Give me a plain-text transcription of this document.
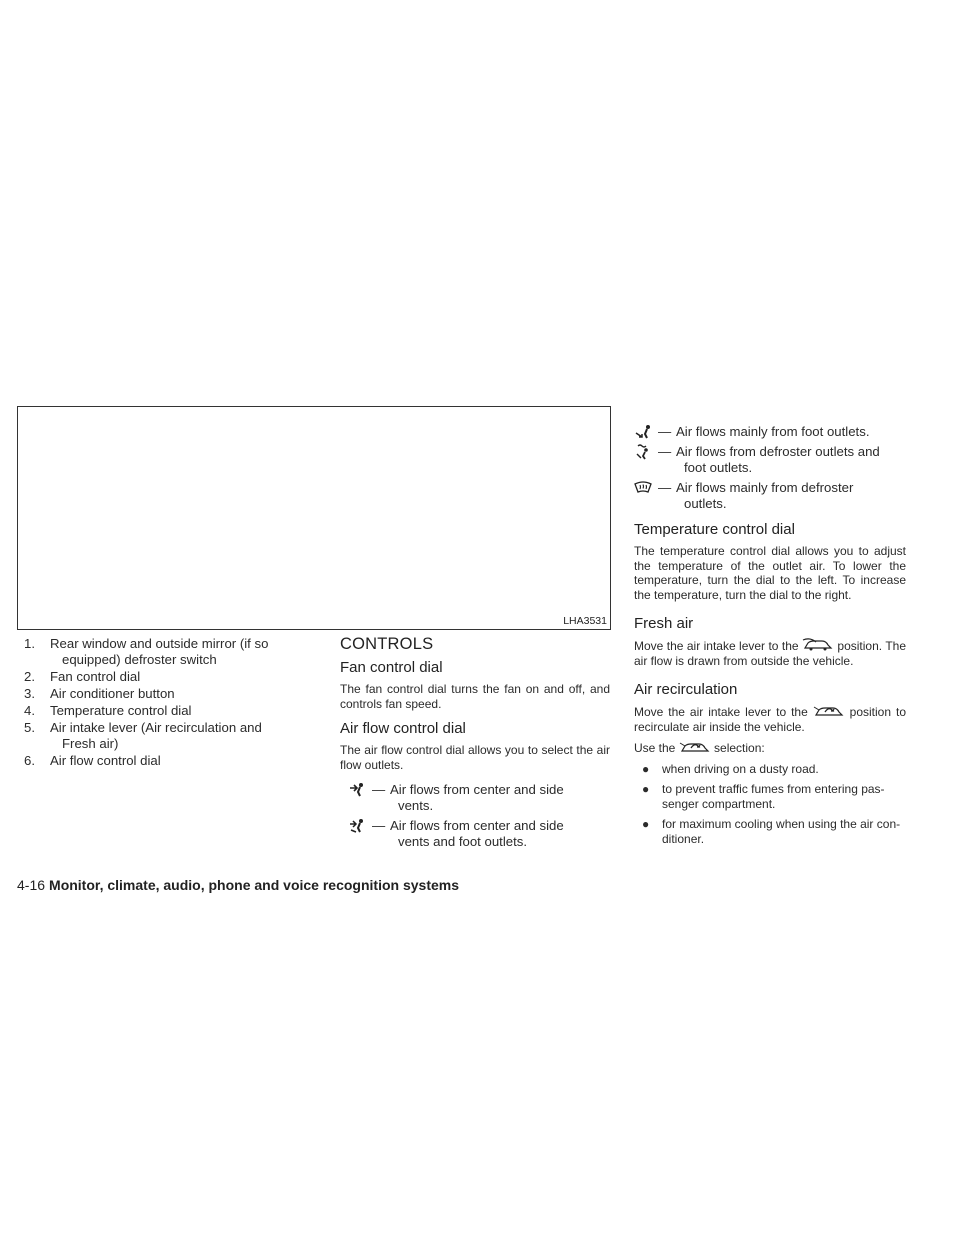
LHA3531
1. Rear window and outside mirror (if so
equipped) defroster switch
2. Fan control dial
3. Air conditioner button
4. Temperature control dial
5. Air intake lever (Air recirculation and
Fresh air)
6. Air flow control dial
CONTROLS
Fan control dial

The fan control dial turns the fan on and off, and controls fan speed.

Air flow control dial

The air flow control dial allows you to select the air flow outlets.

— Air flows from center and side
vents.
— Air flows from center and side
vents and foot outlets.
— Air flows mainly from foot outlets.
— Air flows from defroster outlets and
foot outlets.
— Air flows mainly from defroster
outlets.
Temperature control dial

The temperature control dial allows you to adjust the temperature of the outlet air. To lower the temperature, turn the dial to the left. To increase the temperature, turn the dial to the right.

Fresh air

Move the air intake lever to the	position. The air flow is drawn from outside the vehicle.

Air recirculation

Move the air intake lever to the	position to recirculate air inside the vehicle.

Use the	selection:

● when driving on a dusty road.
● to prevent traffic fumes from entering pas-
senger compartment.
● for maximum cooling when using the air con-
ditioner.
4-16 Monitor, climate, audio, phone and voice recognition systems
